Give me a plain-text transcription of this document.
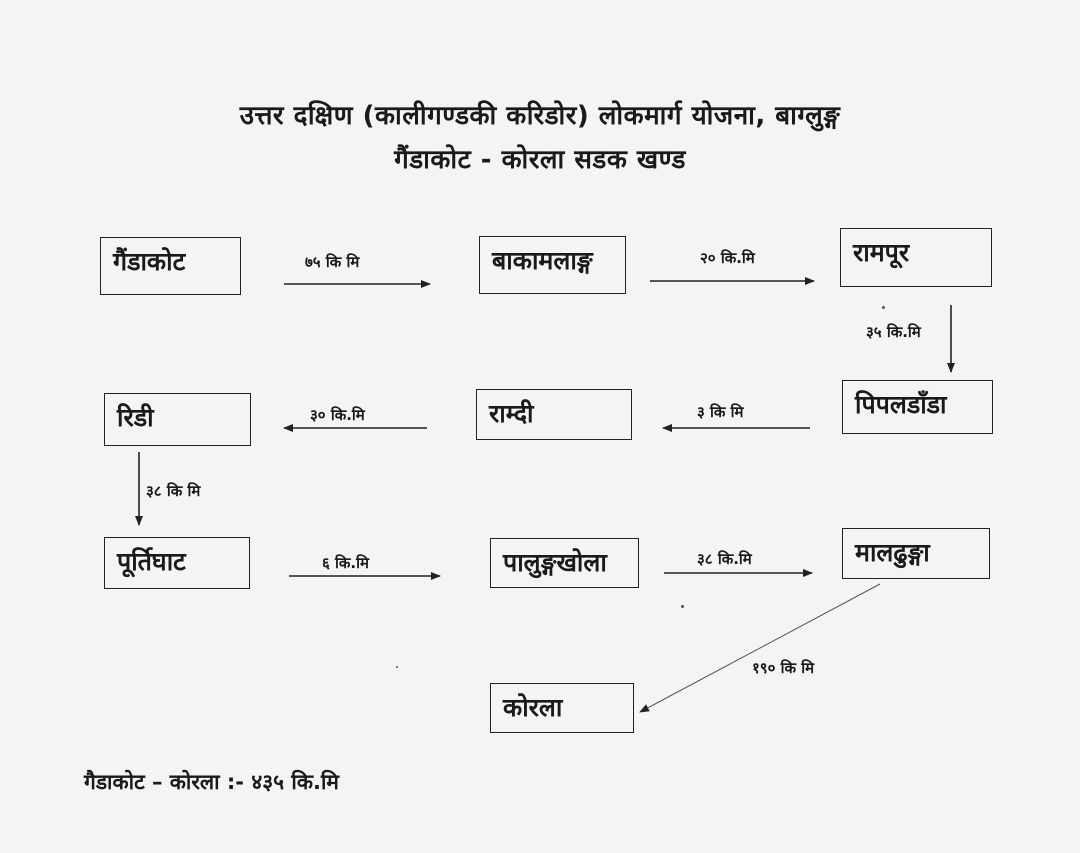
उत्तर दक्षिण (कालीगण्डकी करिडोर) लोकमार्ग योजना, बाग्लुङ्ग
गैंडाकोट - कोरला सडक खण्ड
गैंडाकोट	बाकामलाङ्ग	रामपूर
रिडी	राम्दी	पिपलडाँडा
पूर्तिघाट	पालुङ्गखोला	मालढुङ्गा
कोरला
७५ कि मि	२० कि.मि
३५ कि.मि
३ कि मि
३० कि.मि
३८ कि मि
६ कि.मि	३८ कि.मि
१९० कि मि
गैडाकोट – कोरला :- ४३५ कि.मि
